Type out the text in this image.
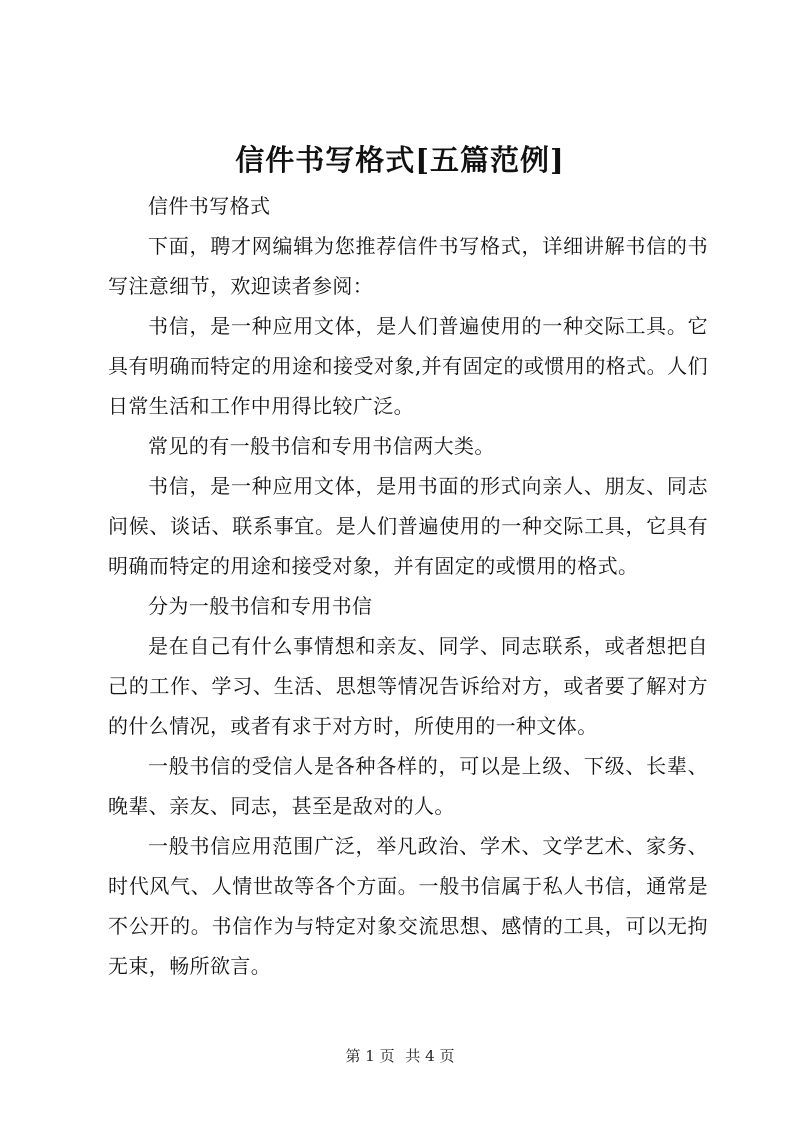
信件书写格式[五篇范例]

信件书写格式

下面，聘才网编辑为您推荐信件书写格式，详细讲解书信的书写注意细节，欢迎读者参阅：

书信，是一种应用文体，是人们普遍使用的一种交际工具。它具有明确而特定的用途和接受对象,并有固定的或惯用的格式。人们日常生活和工作中用得比较广泛。

常见的有一般书信和专用书信两大类。

书信，是一种应用文体，是用书面的形式向亲人、朋友、同志问候、谈话、联系事宜。是人们普遍使用的一种交际工具，它具有明确而特定的用途和接受对象，并有固定的或惯用的格式。

分为一般书信和专用书信

是在自己有什么事情想和亲友、同学、同志联系，或者想把自己的工作、学习、生活、思想等情况告诉给对方，或者要了解对方的什么情况，或者有求于对方时，所使用的一种文体。

一般书信的受信人是各种各样的，可以是上级、下级、长辈、晚辈、亲友、同志，甚至是敌对的人。

一般书信应用范围广泛，举凡政治、学术、文学艺术、家务、时代风气、人情世故等各个方面。一般书信属于私人书信，通常是不公开的。书信作为与特定对象交流思想、感情的工具，可以无拘无束，畅所欲言。

第 1 页 共 4 页
